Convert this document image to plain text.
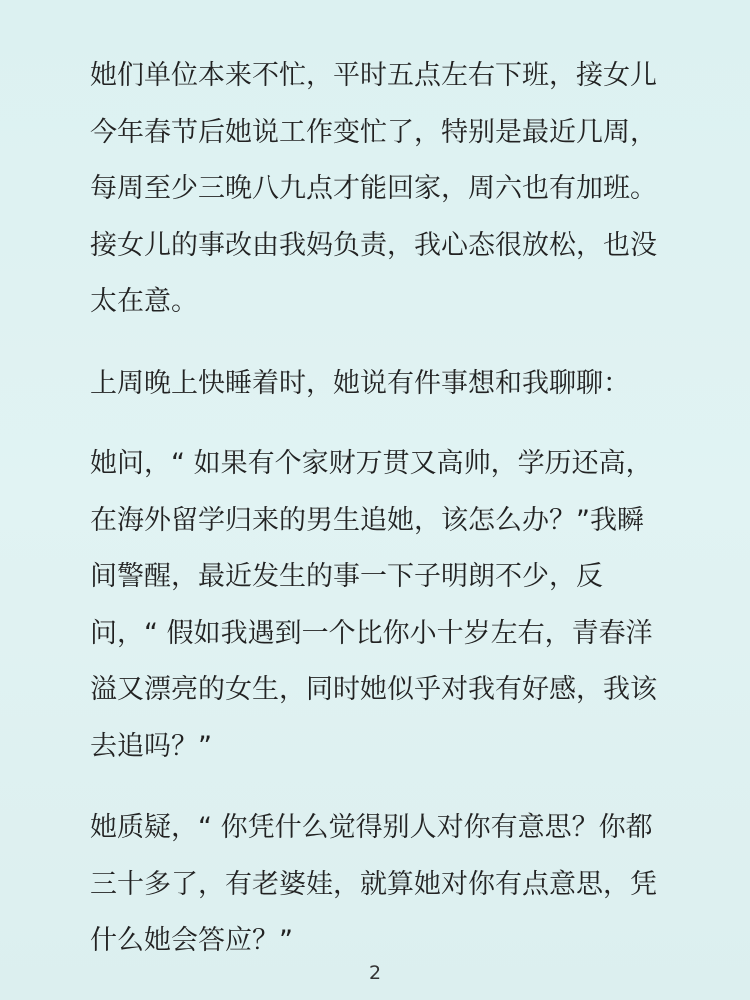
她们单位本来不忙，平时五点左右下班，接女儿今年春节后她说工作变忙了，特别是最近几周，每周至少三晚八九点才能回家，周六也有加班。接女儿的事改由我妈负责，我心态很放松，也没太在意。

上周晚上快睡着时，她说有件事想和我聊聊：

她问，“ 如果有个家财万贯又高帅，学历还高，在海外留学归来的男生追她，该怎么办？”我瞬间警醒，最近发生的事一下子明朗不少，反问，“ 假如我遇到一个比你小十岁左右，青春洋溢又漂亮的女生，同时她似乎对我有好感，我该去追吗？”

她质疑，“ 你凭什么觉得别人对你有意思？你都三十多了，有老婆娃，就算她对你有点意思，凭什么她会答应？”

2
